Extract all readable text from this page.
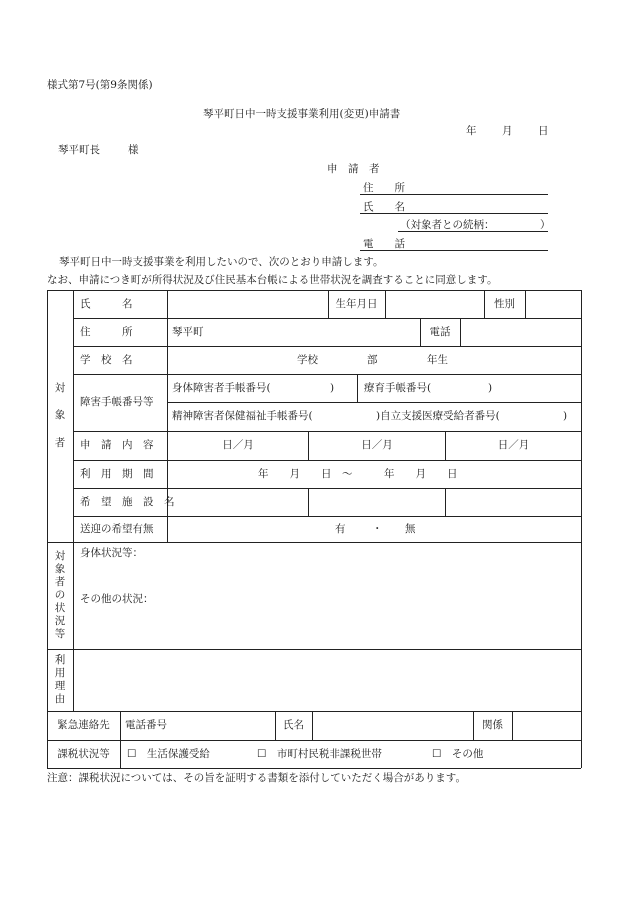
様式第7号(第9条関係)
琴平町日中一時支援事業利用(変更)申請書
年 月 日
琴平町長	様
申　請　者
住　　所
氏　　名
（対象者との続柄：	）
電　　話
琴平町日中一時支援事業を利用したいので、次のとおり申請します。
なお、申請につき町が所得状況及び住民基本台帳による世帯状況を調査することに同意します。
対
象
者
対
象
者
の
状
況
等
利
用
理
由
氏　　　名	生年月日	性別
住　　　所	琴平町	電話
学　校　名	学校	部	年生
障害手帳番号等
身体障害者手帳番号(	)	療育手帳番号(	)
精神障害者保健福祉手帳番号(	)自立支援医療受給者番号(	)
申　請　内　容	日／月	日／月	日／月
利　用　期　間	年　　月　　日　〜　　　年　　月　　日
希　望　施　設　名
送迎の希望有無	有	・ 無
身体状況等：
その他の状況：
緊急連絡先	電話番号	氏名	関係
課税状況等	☐　生活保護受給	☐　市町村民税非課税世帯	☐　その他
注意：課税状況については、その旨を証明する書類を添付していただく場合があります。
